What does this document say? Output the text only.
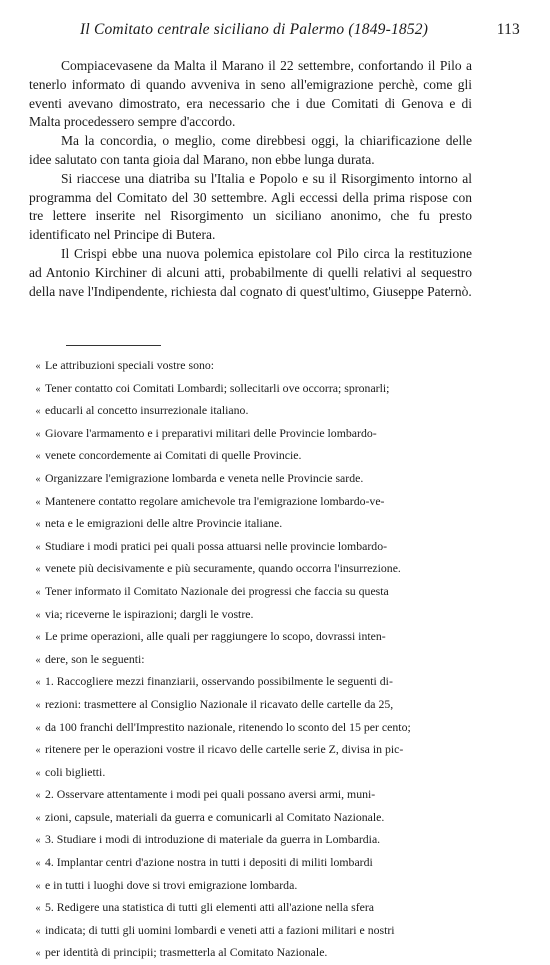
Il Comitato centrale siciliano di Palermo (1849-1852)	113

Compiacevasene da Malta il Marano il 22 settembre, confortando il Pilo a tenerlo informato di quando avveniva in seno all'emigrazione perchè, come gli eventi avevano dimostrato, era necessario che i due Comitati di Genova e di Malta procedessero sempre d'accordo.

Ma la concordia, o meglio, come direbbesi oggi, la chiarificazione delle idee salutato con tanta gioia dal Marano, non ebbe lunga durata.

Si riaccese una diatriba su l'Italia e Popolo e su il Risorgimento intorno al programma del Comitato del 30 settembre. Agli eccessi della prima rispose con tre lettere inserite nel Risorgimento un siciliano anonimo, che fu presto identificato nel Principe di Butera.

Il Crispi ebbe una nuova polemica epistolare col Pilo circa la restituzione ad Antonio Kirchiner di alcuni atti, probabilmente di quelli relativi al sequestro della nave l'Indipendente, richiesta dal cognato di quest'ultimo, Giuseppe Paternò.

« Le attribuzioni speciali vostre sono:
« Tener contatto coi Comitati Lombardi; sollecitarli ove occorra; spronarli;
« educarli al concetto insurrezionale italiano.
« Giovare l'armamento e i preparativi militari delle Provincie lombardo-
« venete concordemente ai Comitati di quelle Provincie.
« Organizzare l'emigrazione lombarda e veneta nelle Provincie sarde.
« Mantenere contatto regolare amichevole tra l'emigrazione lombardo-ve-
« neta e le emigrazioni delle altre Provincie italiane.
« Studiare i modi pratici pei quali possa attuarsi nelle provincie lombardo-
« venete più decisivamente e più securamente, quando occorra l'insurrezione.
« Tener informato il Comitato Nazionale dei progressi che faccia su questa
« via; riceverne le ispirazioni; dargli le vostre.
« Le prime operazioni, alle quali per raggiungere lo scopo, dovrassi inten-
« dere, son le seguenti:
« 1. Raccogliere mezzi finanziarii, osservando possibilmente le seguenti di-
« rezioni: trasmettere al Consiglio Nazionale il ricavato delle cartelle da 25,
« da 100 franchi dell'Imprestito nazionale, ritenendo lo sconto del 15 per cento;
« ritenere per le operazioni vostre il ricavo delle cartelle serie Z, divisa in pic-
« coli biglietti.
« 2. Osservare attentamente i modi pei quali possano aversi armi, muni-
« zioni, capsule, materiali da guerra e comunicarli al Comitato Nazionale.
« 3. Studiare i modi di introduzione di materiale da guerra in Lombardia.
« 4. Implantar centri d'azione nostra in tutti i depositi di militi lombardi
« e in tutti i luoghi dove si trovi emigrazione lombarda.
« 5. Redigere una statistica di tutti gli elementi atti all'azione nella sfera
« indicata; di tutti gli uomini lombardi e veneti atti a fazioni militari e nostri
« per identità di principii; trasmetterla al Comitato Nazionale.
